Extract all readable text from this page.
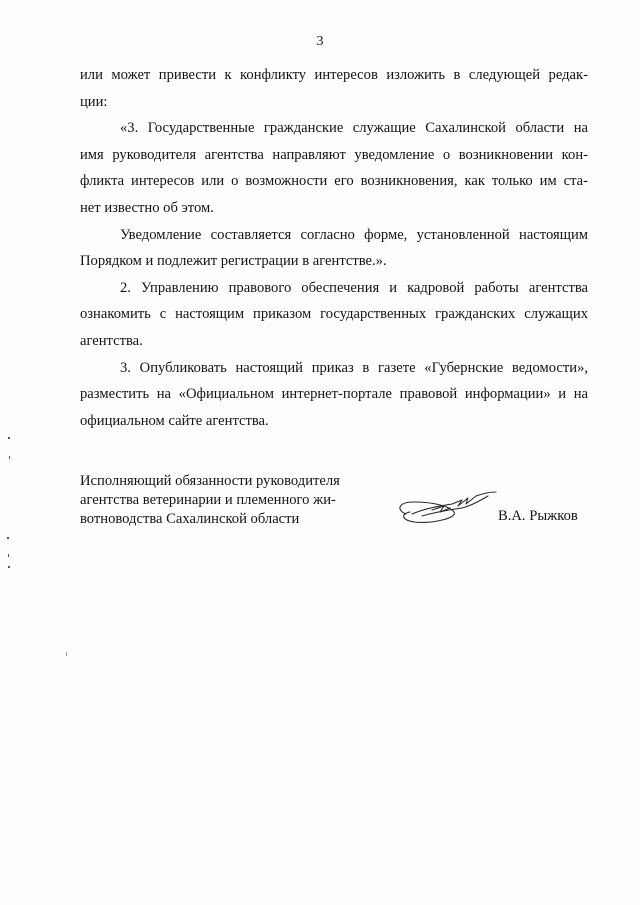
3

или может привести к конфликту интересов изложить в следующей редак-

ции:

«3. Государственные гражданские служащие Сахалинской области на

имя руководителя агентства направляют уведомление о возникновении кон-

фликта интересов или о возможности его возникновения, как только им ста-

нет известно об этом.

Уведомление составляется согласно форме, установленной настоящим

Порядком и подлежит регистрации в агентстве.».

2. Управлению правового обеспечения и кадровой работы агентства

ознакомить с настоящим приказом государственных гражданских служащих

агентства.

3. Опубликовать настоящий приказ в газете «Губернские ведомости»,

разместить на «Официальном интернет-портале правовой информации» и на

официальном сайте агентства.

Исполняющий обязанности руководителя
агентства ветеринарии и племенного жи-
вотноводства Сахалинской области	В.А. Рыжков
